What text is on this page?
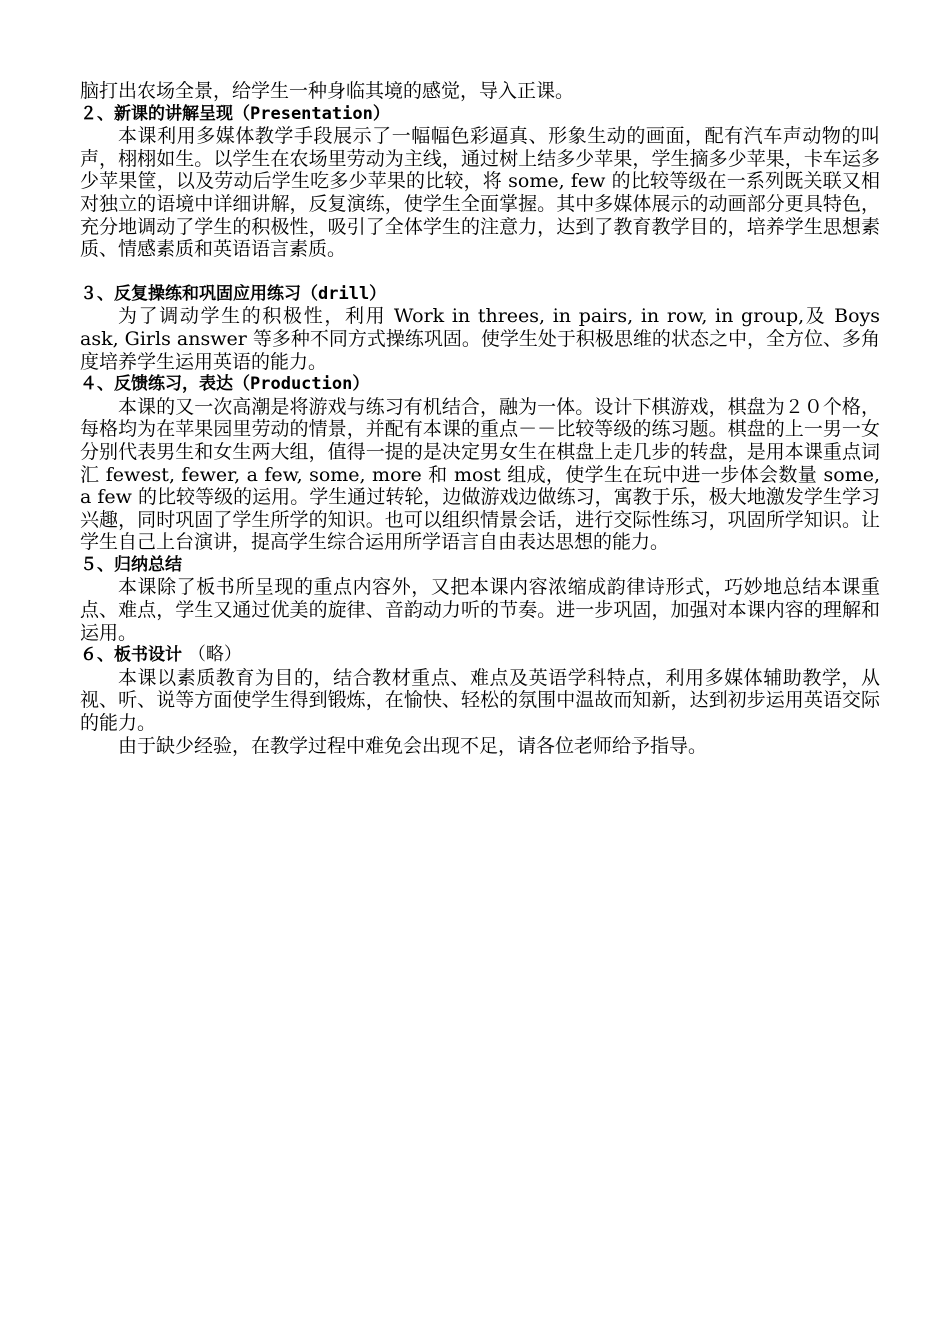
脑打出农场全景，给学生一种身临其境的感觉，导入正课。

２、新课的讲解呈现（Presentation）

本课利用多媒体教学手段展示了一幅幅色彩逼真、形象生动的画面，配有汽车声动物的叫声，栩栩如生。以学生在农场里劳动为主线，通过树上结多少苹果，学生摘多少苹果，卡车运多少苹果筐，以及劳动后学生吃多少苹果的比较，将 some, few 的比较等级在一系列既关联又相对独立的语境中详细讲解，反复演练，使学生全面掌握。其中多媒体展示的动画部分更具特色，充分地调动了学生的积极性，吸引了全体学生的注意力，达到了教育教学目的，培养学生思想素质、情感素质和英语语言素质。

３、反复操练和巩固应用练习（drill）

为了调动学生的积极性，利用 Work in threes, in pairs, in row, in group,及 Boys ask, Girls answer 等多种不同方式操练巩固。使学生处于积极思维的状态之中，全方位、多角度培养学生运用英语的能力。

４、反馈练习，表达（Production）

本课的又一次高潮是将游戏与练习有机结合，融为一体。设计下棋游戏，棋盘为２０个格，每格均为在苹果园里劳动的情景，并配有本课的重点－－比较等级的练习题。棋盘的上一男一女分别代表男生和女生两大组，值得一提的是决定男女生在棋盘上走几步的转盘，是用本课重点词汇 fewest, fewer, a few, some, more 和 most 组成，使学生在玩中进一步体会数量 some, a few 的比较等级的运用。学生通过转轮，边做游戏边做练习，寓教于乐，极大地激发学生学习兴趣，同时巩固了学生所学的知识。也可以组织情景会话，进行交际性练习，巩固所学知识。让学生自己上台演讲，提高学生综合运用所学语言自由表达思想的能力。

５、归纳总结

本课除了板书所呈现的重点内容外，又把本课内容浓缩成韵律诗形式，巧妙地总结本课重点、难点，学生又通过优美的旋律、音韵动力听的节奏。进一步巩固，加强对本课内容的理解和运用。

６、板书设计 （略）

本课以素质教育为目的，结合教材重点、难点及英语学科特点，利用多媒体辅助教学，从视、听、说等方面使学生得到锻炼，在愉快、轻松的氛围中温故而知新，达到初步运用英语交际的能力。

由于缺少经验，在教学过程中难免会出现不足，请各位老师给予指导。
